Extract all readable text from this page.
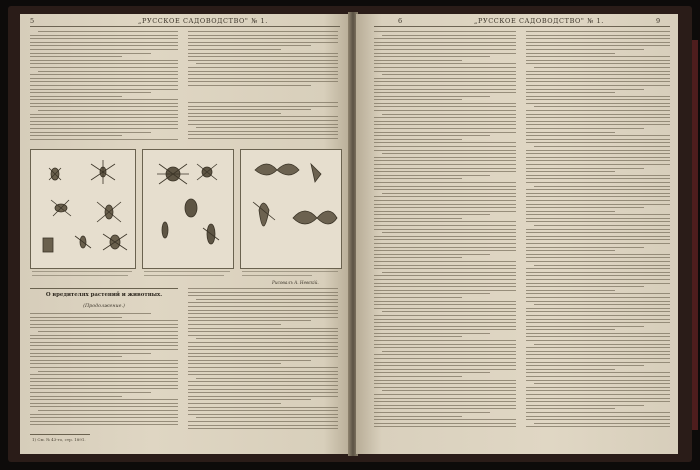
5	„РУССКОЕ САДОВОДСТВО" № 1.
Рисовалъ А. Невскій.
О вредителях растений и животных.
(Продолжение.)
1) См. № 43-го, стр. 1891.
6	„РУССКОЕ САДОВОДСТВО" № 1.	9
